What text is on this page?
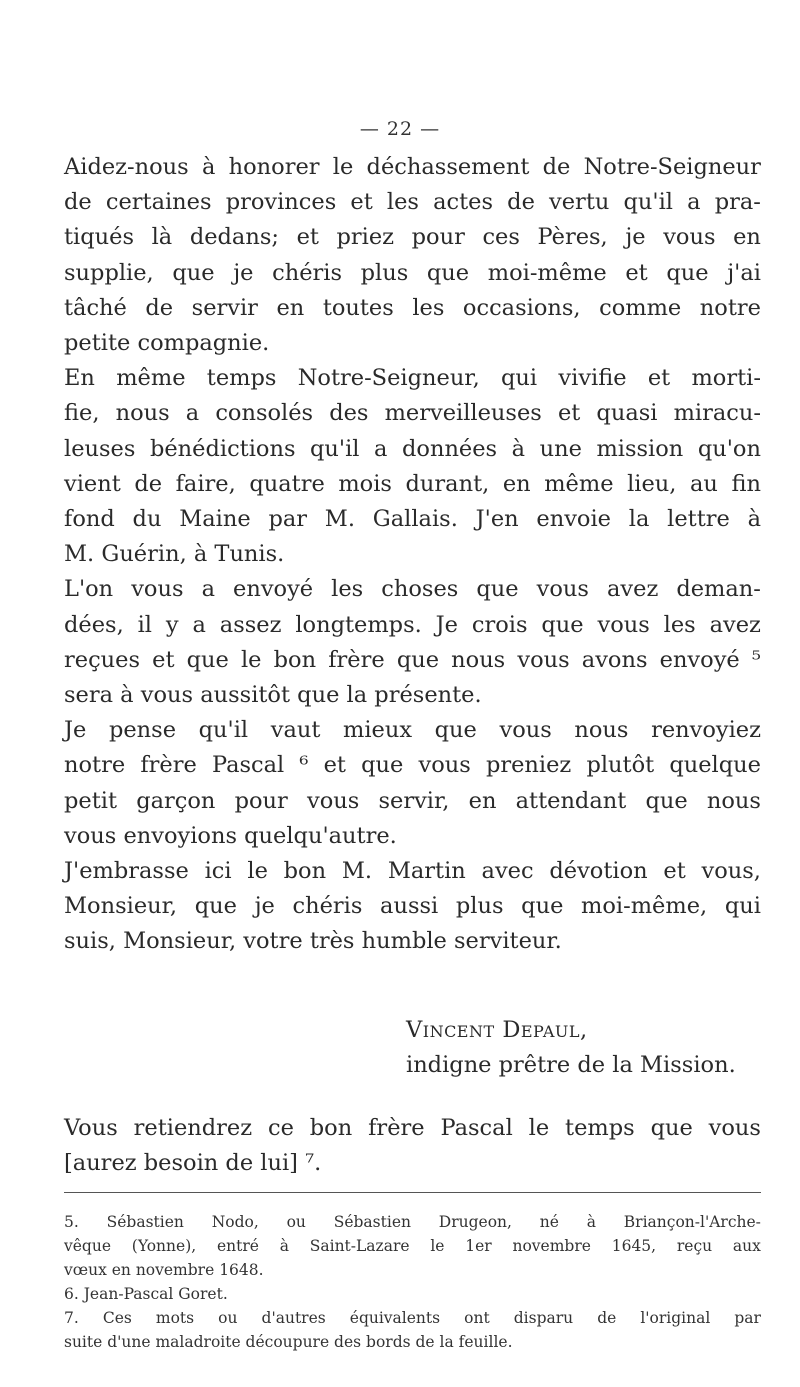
— 22 —
Aidez-nous à honorer le déchassement de Notre-Seigneur
de certaines provinces et les actes de vertu qu'il a pra-
tiqués là dedans; et priez pour ces Pères, je vous en
supplie, que je chéris plus que moi-même et que j'ai
tâché de servir en toutes les occasions, comme notre
petite compagnie.
En même temps Notre-Seigneur, qui vivifie et morti-
fie, nous a consolés des merveilleuses et quasi miracu-
leuses bénédictions qu'il a données à une mission qu'on
vient de faire, quatre mois durant, en même lieu, au fin
fond du Maine par M. Gallais. J'en envoie la lettre à
M. Guérin, à Tunis.
L'on vous a envoyé les choses que vous avez deman-
dées, il y a assez longtemps. Je crois que vous les avez
reçues et que le bon frère que nous vous avons envoyé ⁵
sera à vous aussitôt que la présente.
Je pense qu'il vaut mieux que vous nous renvoyiez
notre frère Pascal ⁶ et que vous preniez plutôt quelque
petit garçon pour vous servir, en attendant que nous
vous envoyions quelqu'autre.
J'embrasse ici le bon M. Martin avec dévotion et vous,
Monsieur, que je chéris aussi plus que moi-même, qui
suis, Monsieur, votre très humble serviteur.
Vincent Depaul,
indigne prêtre de la Mission.
Vous retiendrez ce bon frère Pascal le temps que vous
[aurez besoin de lui] ⁷.
5. Sébastien Nodo, ou Sébastien Drugeon, né à Briançon-l'Arche-
vêque (Yonne), entré à Saint-Lazare le 1er novembre 1645, reçu aux
vœux en novembre 1648.
6. Jean-Pascal Goret.
7. Ces mots ou d'autres équivalents ont disparu de l'original par
suite d'une maladroite découpure des bords de la feuille.
